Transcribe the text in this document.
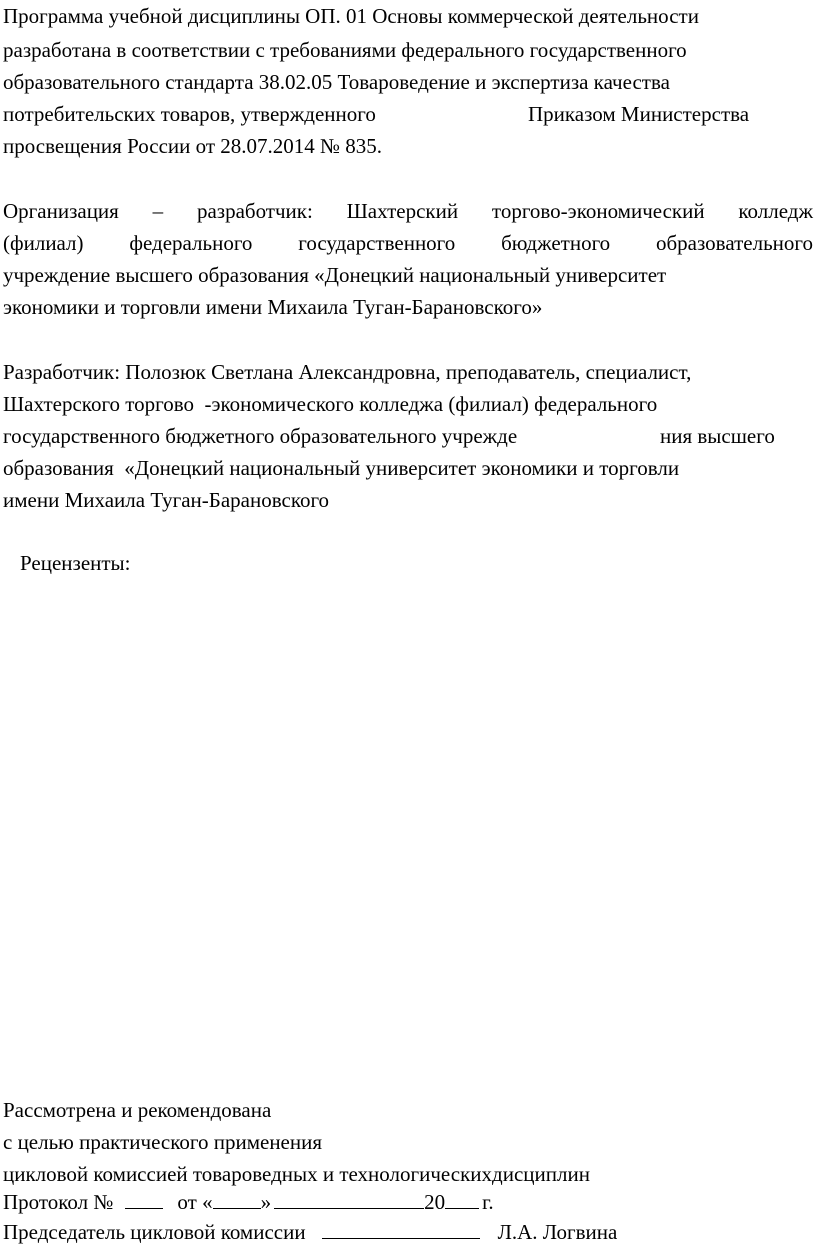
Программа учебной дисциплины ОП. 01 Основы коммерческой деятельности
разработана в соответствии с требованиями федерального государственного
образовательного стандарта 38.02.05 Товароведение и экспертиза качества
потребительских товаров, утвержденного	Приказом Министерства
просвещения России от 28.07.2014 № 835.
Организация – разработчик: Шахтерский торгово-экономический колледж
(филиал) федерального государственного бюджетного образовательного
учреждение высшего образования «Донецкий национальный университет
экономики и торговли имени Михаила Туган-Барановского»
Разработчик: Полозюк Светлана Александровна, преподаватель, специалист,
Шахтерского торгово  -экономического колледжа (филиал) федерального
государственного бюджетного образовательного учрежде	ния высшего
образования  «Донецкий национальный университет экономики и торговли
имени Михаила Туган-Барановского
Рецензенты:
Рассмотрена и рекомендована
с целью практического применения
цикловой комиссией товароведных и технологическихдисциплин
Протокол №	от « »	20 г.
Председатель цикловой комиссии	Л.А. Логвина
